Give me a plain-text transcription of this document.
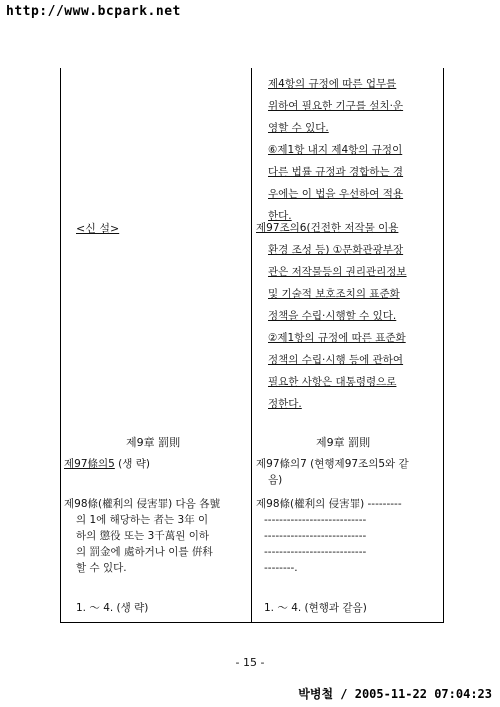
http://www.bcpark.net
<신 설>
제9章 罰則
제97條의5 (생 략)
제98條(權利의 侵害罪) 다음 各號
의 1에 해당하는 者는 3年 이
하의 懲役 또는 3千萬원 이하
의 罰金에 處하거나 이를 倂科
할 수 있다.
1. ～ 4. (생 략)
제4항의 규정에 따른 업무를
위하여 필요한 기구를 설치·운
영할 수 있다.
⑥제1항 내지 제4항의 규정이
다른 법률 규정과 경합하는 경
우에는 이 법을 우선하여 적용
한다.
제97조의6(건전한 저작물 이용
환경 조성 등) ①문화관광부장
관은 저작물등의 권리관리정보
및 기술적 보호조치의 표준화
정책을 수립·시행할 수 있다.
②제1항의 규정에 따른 표준화
정책의 수립·시행 등에 관하여
필요한 사항은 대통령령으로
정한다.
제9章 罰則
제97條의7 (현행제97조의5와 같
음)
제98條(權利의 侵害罪) ---------
---------------------------
---------------------------
---------------------------
--------.
1. ～ 4. (현행과 같음)
- 15 -
박병철 / 2005-11-22 07:04:23
